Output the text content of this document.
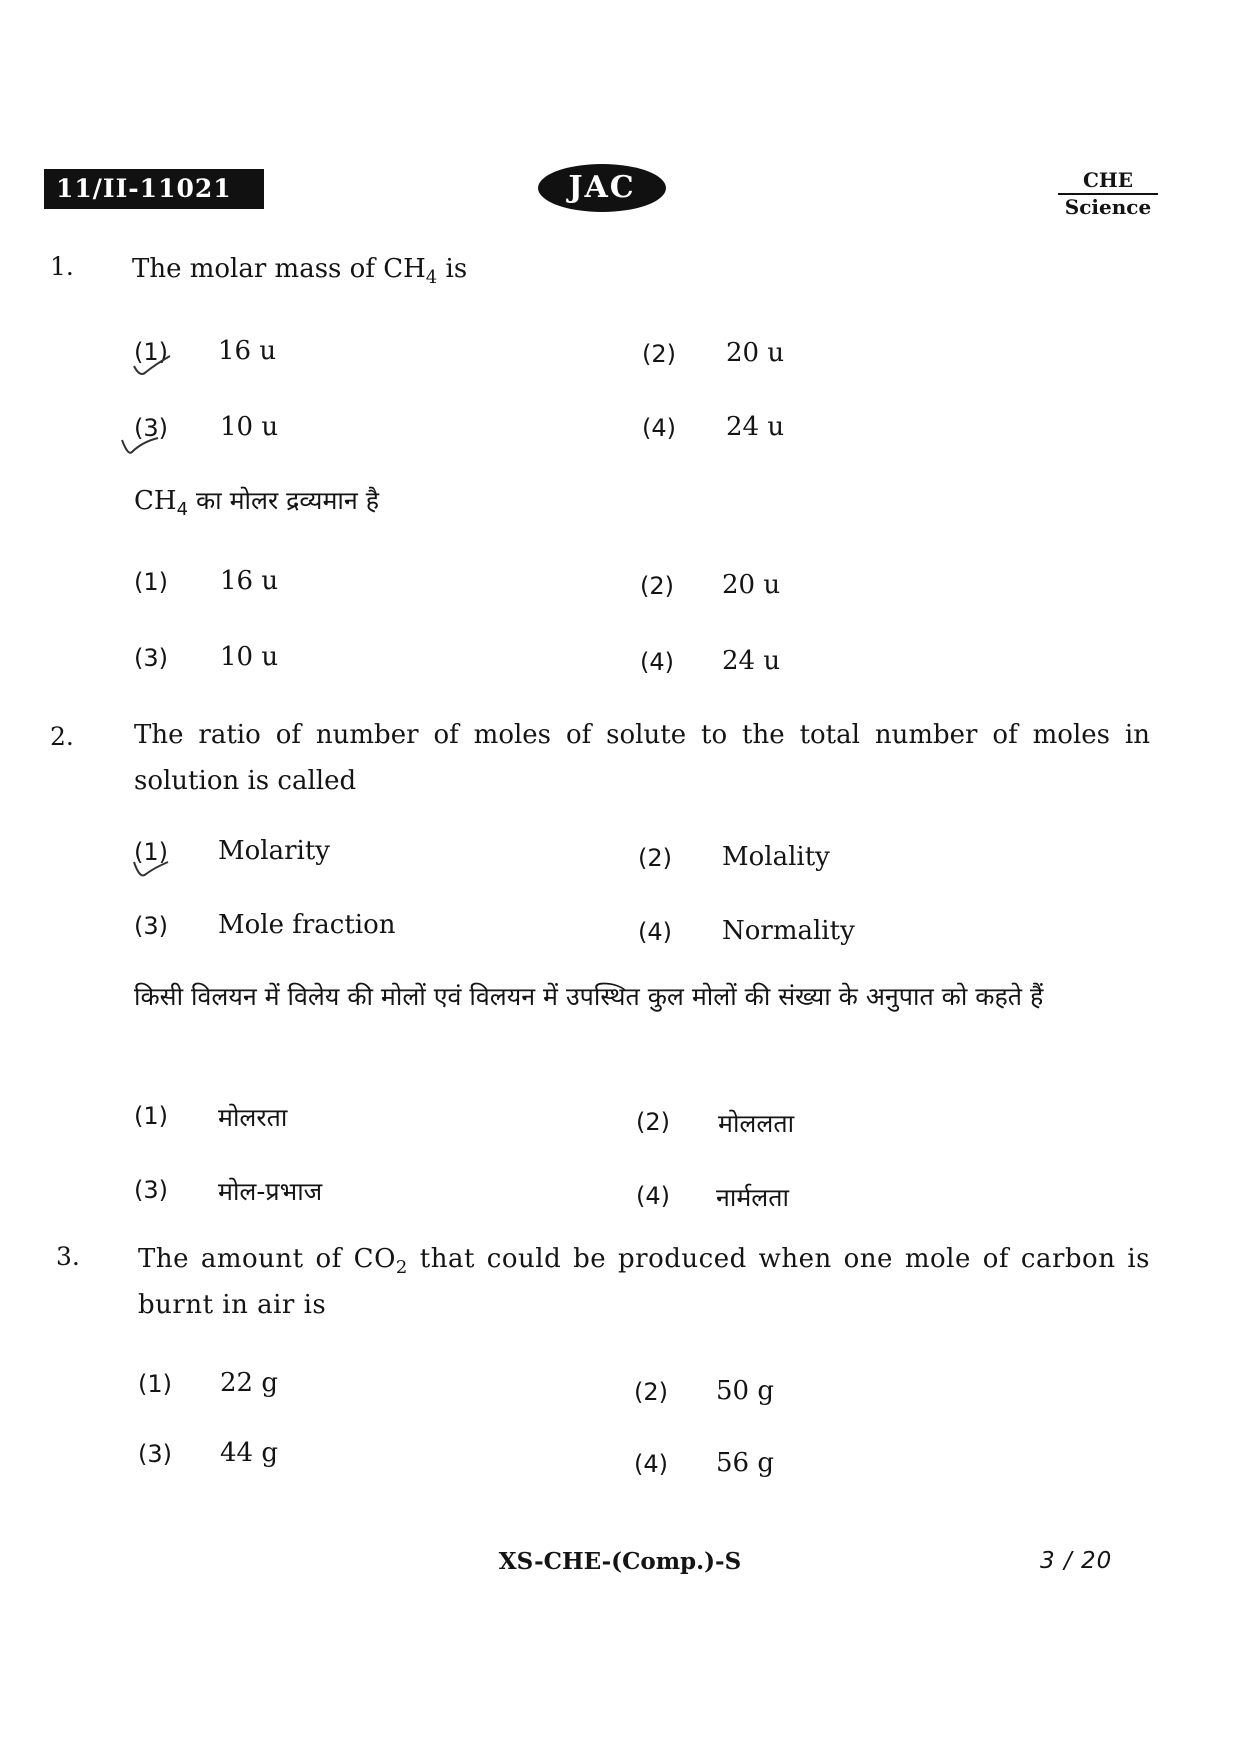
11/II-11021	JAC	CHE
Science
1. The molar mass of $CH_4$ is
(1) 16 u	(2) 20 u
(3) 10 u	(4) 24 u
$CH_4$ का मोलर द्रव्यमान है
(1) 16 u	(2) 20 u
(3) 10 u	(4) 24 u
2. The ratio of number of moles of solute to the total number of moles in solution is called
(1) Molarity	(2) Molality
(3) Mole fraction	(4) Normality
किसी विलयन में विलेय की मोलों एवं विलयन में उपस्थित कुल मोलों की संख्या के अनुपात को कहते हैं
(1) मोलरता	(2) मोललता
(3) मोल-प्रभाज	(4) नार्मलता
3. The amount of $CO_2$ that could be produced when one mole of carbon is burnt in air is
(1) 22 g	(2) 50 g
(3) 44 g	(4) 56 g
XS-CHE-(Comp.)-S	3 / 20
